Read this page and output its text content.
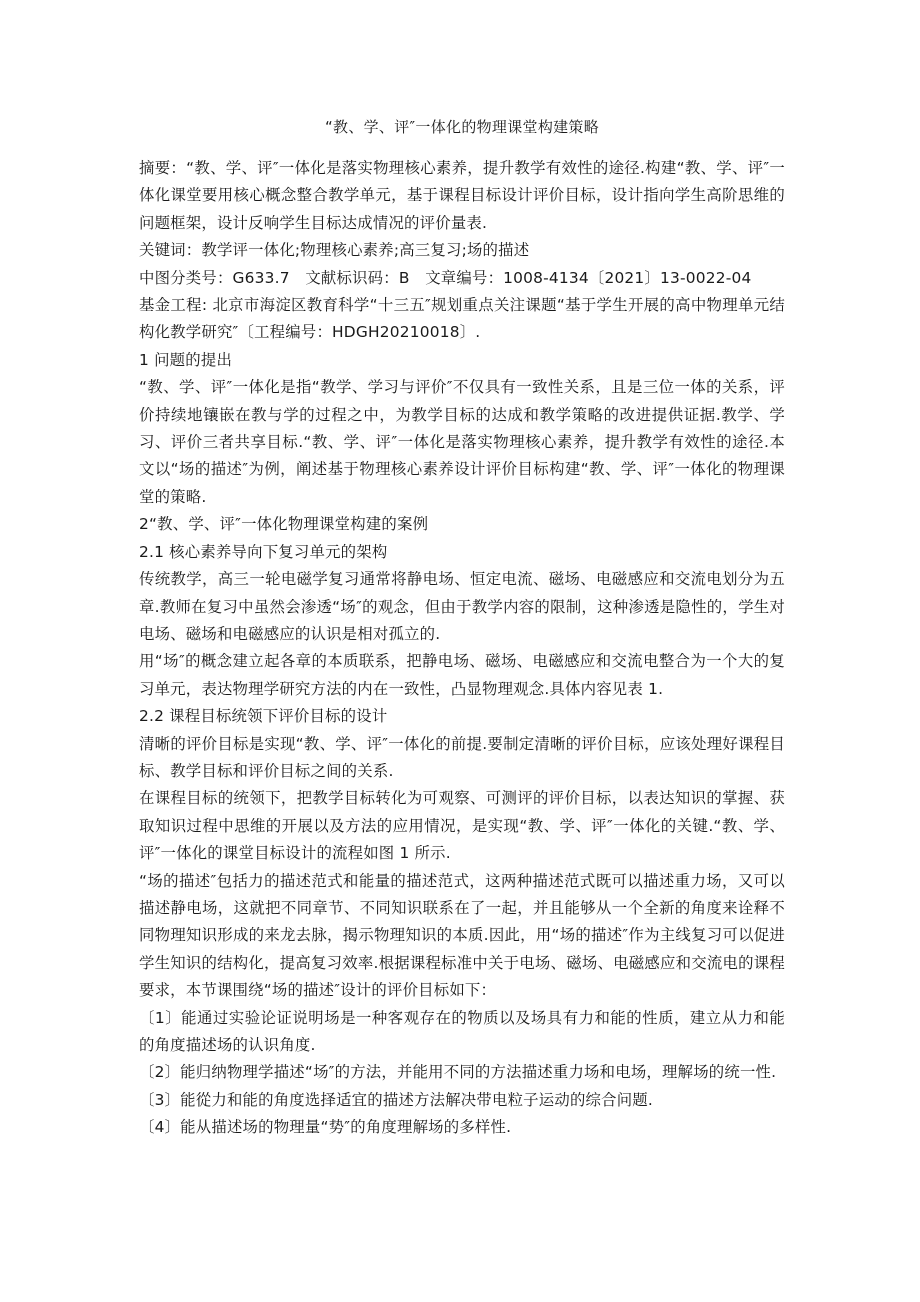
“教、学、评″一体化的物理课堂构建策略

摘要：“教、学、评″一体化是落实物理核心素养，提升教学有效性的途径.构建“教、学、评″一体化课堂要用核心概念整合教学单元，基于课程目标设计评价目标，设计指向学生高阶思维的问题框架，设计反响学生目标达成情况的评价量表.

关键词：教学评一体化;物理核心素养;高三复习;场的描述

中图分类号：G633.7　文献标识码：B　文章编号：1008-4134〔2021〕13-0022-04

基金工程: 北京市海淀区教育科学“十三五″规划重点关注课题“基于学生开展的高中物理单元结构化教学研究″〔工程编号：HDGH20210018〕.

1 问题的提出

“教、学、评″一体化是指“教学、学习与评价″不仅具有一致性关系，且是三位一体的关系，评价持续地镶嵌在教与学的过程之中，为教学目标的达成和教学策略的改进提供证据.教学、学习、评价三者共享目标.“教、学、评″一体化是落实物理核心素养，提升教学有效性的途径.本文以“场的描述″为例，阐述基于物理核心素养设计评价目标构建“教、学、评″一体化的物理课堂的策略.

2“教、学、评″一体化物理课堂构建的案例

2.1 核心素养导向下复习单元的架构

传统教学，高三一轮电磁学复习通常将静电场、恒定电流、磁场、电磁感应和交流电划分为五章.教师在复习中虽然会渗透“场″的观念，但由于教学内容的限制，这种渗透是隐性的，学生对电场、磁场和电磁感应的认识是相对孤立的.

用“场″的概念建立起各章的本质联系，把静电场、磁场、电磁感应和交流电整合为一个大的复习单元，表达物理学研究方法的内在一致性，凸显物理观念.具体内容见表 1.

2.2 课程目标统领下评价目标的设计

清晰的评价目标是实现“教、学、评″一体化的前提.要制定清晰的评价目标，应该处理好课程目标、教学目标和评价目标之间的关系.

在课程目标的统领下，把教学目标转化为可观察、可测评的评价目标，以表达知识的掌握、获取知识过程中思维的开展以及方法的应用情况，是实现“教、学、评″一体化的关键.“教、学、评″一体化的课堂目标设计的流程如图 1 所示.

“场的描述″包括力的描述范式和能量的描述范式，这两种描述范式既可以描述重力场，又可以描述静电场，这就把不同章节、不同知识联系在了一起，并且能够从一个全新的角度来诠释不同物理知识形成的来龙去脉，揭示物理知识的本质.因此，用“场的描述″作为主线复习可以促进学生知识的结构化，提高复习效率.根据课程标准中关于电场、磁场、电磁感应和交流电的课程要求，本节课围绕“场的描述″设计的评价目标如下：

〔1〕能通过实验论证说明场是一种客观存在的物质以及场具有力和能的性质，建立从力和能的角度描述场的认识角度.

〔2〕能归纳物理学描述“场″的方法，并能用不同的方法描述重力场和电场，理解场的统一性.

〔3〕能從力和能的角度选择适宜的描述方法解决带电粒子运动的综合问题.

〔4〕能从描述场的物理量“势″的角度理解场的多样性.
